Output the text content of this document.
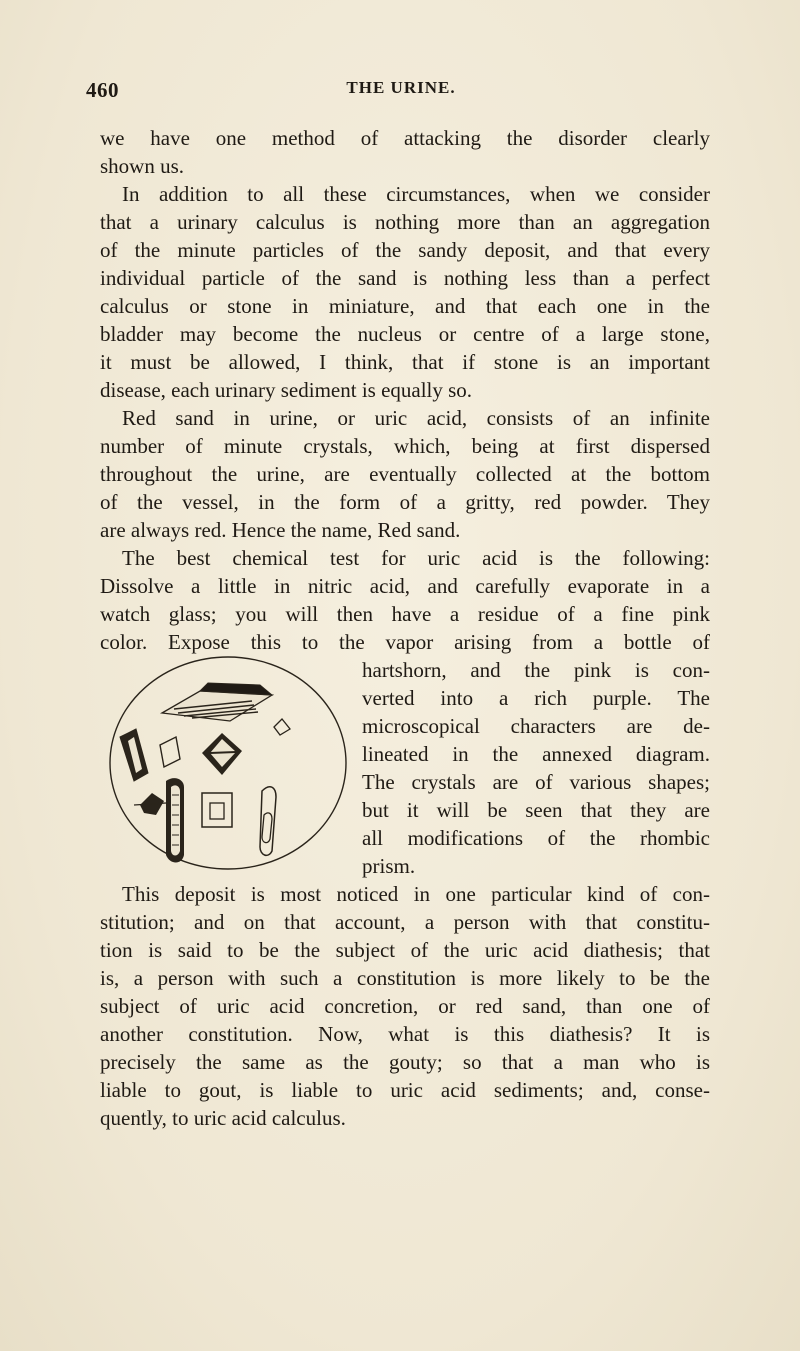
460	THE URINE.
we have one method of attacking the disorder clearly
shown us.
In addition to all these circumstances, when we consider
that a urinary calculus is nothing more than an aggregation
of the minute particles of the sandy deposit, and that every
individual particle of the sand is nothing less than a perfect
calculus or stone in miniature, and that each one in the
bladder may become the nucleus or centre of a large stone,
it must be allowed, I think, that if stone is an important
disease, each urinary sediment is equally so.
Red sand in urine, or uric acid, consists of an infinite
number of minute crystals, which, being at first dispersed
throughout the urine, are eventually collected at the bottom
of the vessel, in the form of a gritty, red powder. They
are always red. Hence the name, Red sand.
The best chemical test for uric acid is the following:
Dissolve a little in nitric acid, and carefully evaporate in a
watch glass; you will then have a residue of a fine pink
color. Expose this to the vapor arising from a bottle of
hartshorn, and the pink is con-
verted into a rich purple. The
microscopical characters are de-
lineated in the annexed diagram.
The crystals are of various shapes;
but it will be seen that they are
all modifications of the rhombic
prism.
This deposit is most noticed in one particular kind of con-
stitution; and on that account, a person with that constitu-
tion is said to be the subject of the uric acid diathesis; that
is, a person with such a constitution is more likely to be the
subject of uric acid concretion, or red sand, than one of
another constitution. Now, what is this diathesis? It is
precisely the same as the gouty; so that a man who is
liable to gout, is liable to uric acid sediments; and, conse-
quently, to uric acid calculus.
